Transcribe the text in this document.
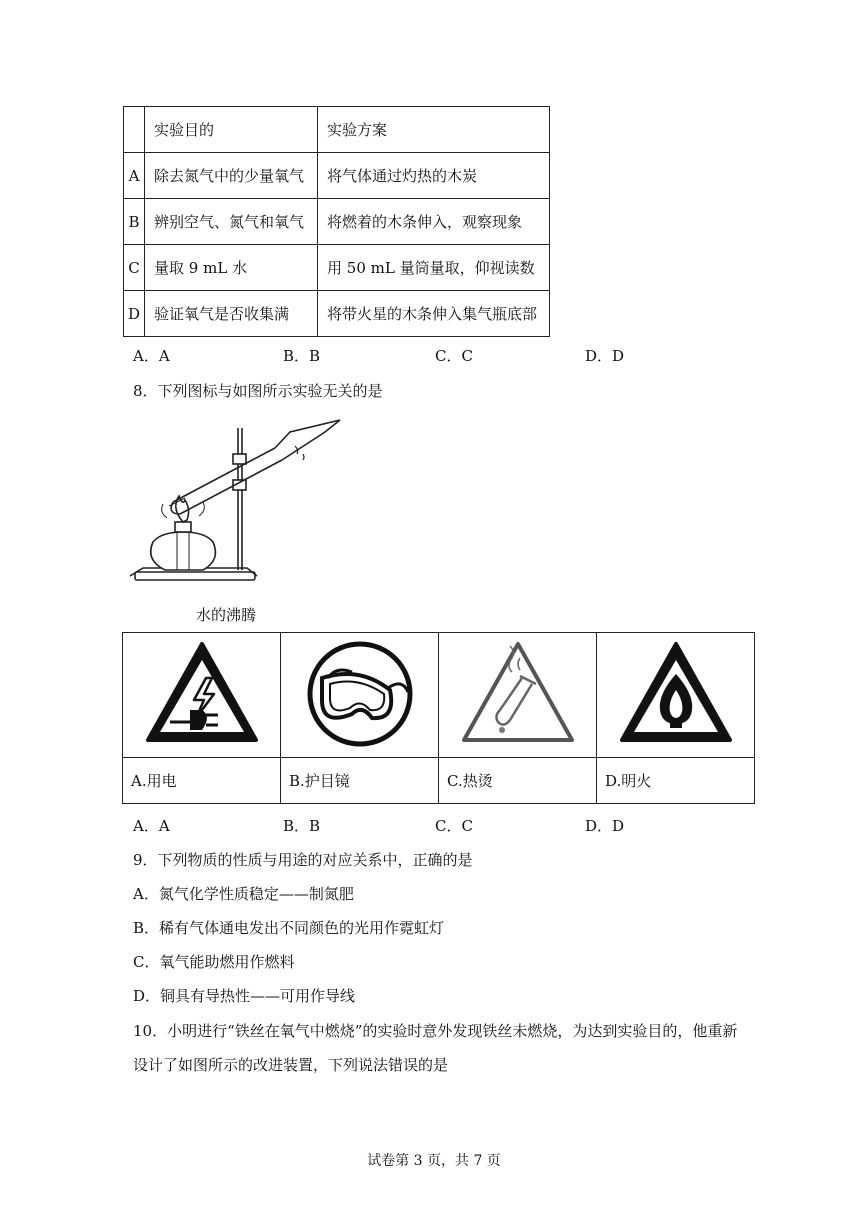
	实验目的	实验方案
A	除去氮气中的少量氧气	将气体通过灼热的木炭
B	辨别空气、氮气和氧气	将燃着的木条伸入，观察现象
C	量取 9 mL 水	用 50 mL 量筒量取，仰视读数
D	验证氧气是否收集满	将带火星的木条伸入集气瓶底部
A．A	B．B	C．C	D．D
8．下列图标与如图所示实验无关的是
水的沸腾

A.用电	B.护目镜	C.热烫	D.明火
A．A	B．B	C．C	D．D
9．下列物质的性质与用途的对应关系中，正确的是
A．氮气化学性质稳定——制氮肥
B．稀有气体通电发出不同颜色的光用作霓虹灯
C．氧气能助燃用作燃料
D．铜具有导热性——可用作导线
10．小明进行“铁丝在氧气中燃烧”的实验时意外发现铁丝未燃烧，为达到实验目的，他重新
设计了如图所示的改进装置，下列说法错误的是
试卷第 3 页，共 7 页
